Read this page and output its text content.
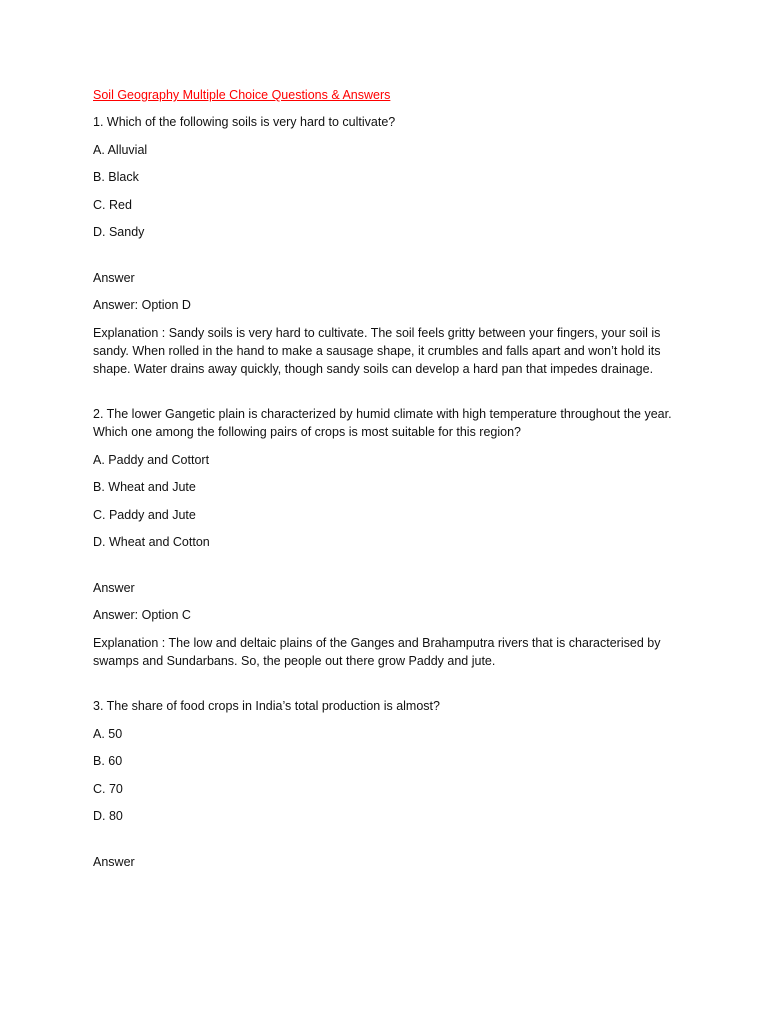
Soil Geography Multiple Choice Questions & Answers

1. Which of the following soils is very hard to cultivate?

A. Alluvial

B. Black

C. Red

D. Sandy

Answer

Answer: Option D

Explanation : Sandy soils is very hard to cultivate. The soil feels gritty between your fingers, your soil is sandy. When rolled in the hand to make a sausage shape, it crumbles and falls apart and won’t hold its shape. Water drains away quickly, though sandy soils can develop a hard pan that impedes drainage.

2. The lower Gangetic plain is characterized by humid climate with high temperature throughout the year. Which one among the following pairs of crops is most suitable for this region?

A. Paddy and Cottort

B. Wheat and Jute

C. Paddy and Jute

D. Wheat and Cotton

Answer

Answer: Option C

Explanation : The low and deltaic plains of the Ganges and Brahamputra rivers that is characterised by swamps and Sundarbans. So, the people out there grow Paddy and jute.

3. The share of food crops in India’s total production is almost?

A. 50

B. 60

C. 70

D. 80

Answer
